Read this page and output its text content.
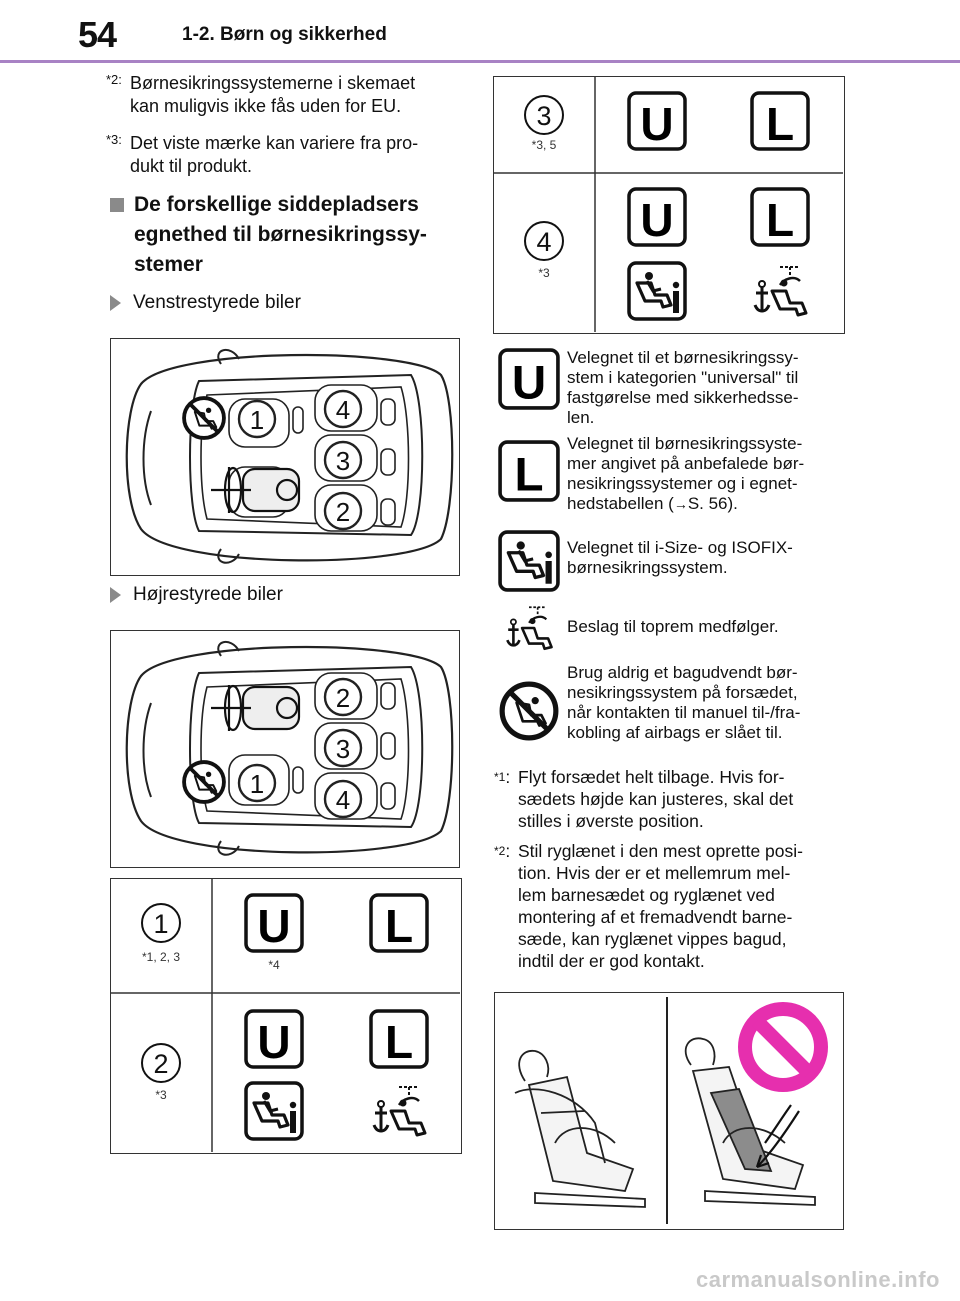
54	1-2. Børn og sikkerhed
*2: Børnesikringssystemerne i skemaet
kan muligvis ikke fås uden for EU.
*3: Det viste mærke kan variere fra pro-
dukt til produkt.
De forskellige siddepladsers
egnethed til børnesikringssy-
stemer
Venstrestyrede biler
1	4
3
2
Højrestyrede biler
1
2
3
4
1
*1, 2, 3
2
*3
U
*4
L
U L
3
*3, 5
4
*3
U L
U L
U Velegnet til et børnesikringssy-
stem i kategorien "universal" til
fastgørelse med sikkerhedsse-
len.
L
Velegnet til børnesikringssyste-
mer angivet på anbefalede bør-
nesikringssystemer og i egnet-
hedstabellen (→S. 56).
Velegnet til i-Size- og ISOFIX-
børnesikringssystem.
Beslag til toprem medfølger.
Brug aldrig et bagudvendt bør-
nesikringssystem på forsædet,
når kontakten til manuel til-/fra-
kobling af airbags er slået til.
$^{*1}$: Flyt forsædet helt tilbage. Hvis for-
sædets højde kan justeres, skal det
stilles i øverste position.
$^{*2}$: Stil ryglænet i den mest oprette posi-
tion. Hvis der er et mellemrum mel-
lem barnesædet og ryglænet ved
montering af et fremadvendt barne-
sæde, kan ryglænet vippes bagud,
indtil der er god kontakt.
carmanualsonline.info
